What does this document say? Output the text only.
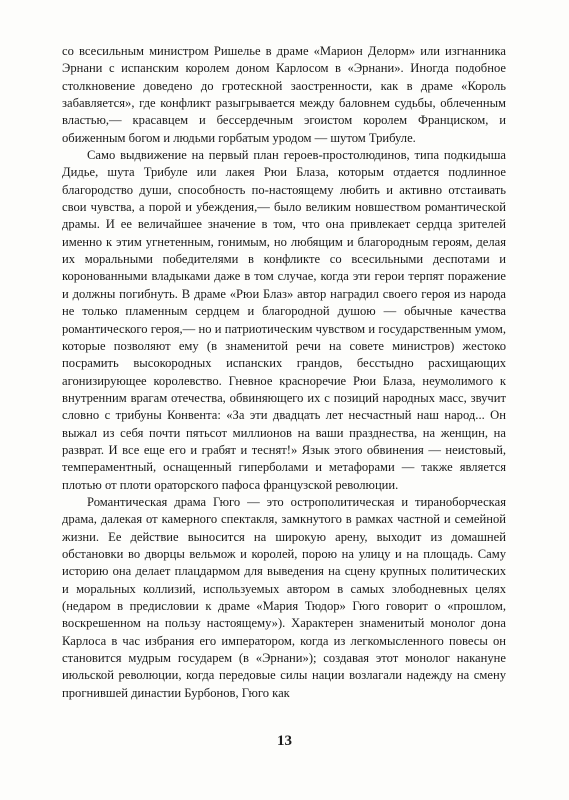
со всесильным министром Ришелье в драме «Марион Делорм» или изгнанника Эрнани с испанским королем доном Карлосом в «Эрнани». Иногда подобное столкновение доведено до гротескной заостренности, как в драме «Король забавляется», где конфликт разыгрывается между баловнем судьбы, облеченным властью,— красавцем и бессердечным эгоистом королем Франциском, и обиженным богом и людьми горбатым уродом — шутом Трибуле.

Само выдвижение на первый план героев-простолюдинов, типа подкидыша Дидье, шута Трибуле или лакея Рюи Блаза, которым отдается подлинное благородство души, способность по-настоящему любить и активно отстаивать свои чувства, а порой и убеждения,— было великим новшеством романтической драмы. И ее величайшее значение в том, что она привлекает сердца зрителей именно к этим угнетенным, гонимым, но любящим и благородным героям, делая их моральными победителями в конфликте со всесильными деспотами и коронованными владыками даже в том случае, когда эти герои терпят поражение и должны погибнуть. В драме «Рюи Блаз» автор наградил своего героя из народа не только пламенным сердцем и благородной душою — обычные качества романтического героя,— но и патриотическим чувством и государственным умом, которые позволяют ему (в знаменитой речи на совете министров) жестоко посрамить высокородных испанских грандов, бесстыдно расхищающих агонизирующее королевство. Гневное красноречие Рюи Блаза, неумолимого к внутренним врагам отечества, обвиняющего их с позиций народных масс, звучит словно с трибуны Конвента: «За эти двадцать лет несчастный наш народ... Он выжал из себя почти пятьсот миллионов на ваши празднества, на женщин, на разврат. И все еще его и грабят и теснят!» Язык этого обвинения — неистовый, темпераментный, оснащенный гиперболами и метафорами — также является плотью от плоти ораторского пафоса французской революции.

Романтическая драма Гюго — это острополитическая и тираноборческая драма, далекая от камерного спектакля, замкнутого в рамках частной и семейной жизни. Ее действие выносится на широкую арену, выходит из домашней обстановки во дворцы вельмож и королей, порою на улицу и на площадь. Саму историю она делает плацдармом для выведения на сцену крупных политических и моральных коллизий, используемых автором в самых злободневных целях (недаром в предисловии к драме «Мария Тюдор» Гюго говорит о «прошлом, воскрешенном на пользу настоящему»). Характерен знаменитый монолог дона Карлоса в час избрания его императором, когда из легкомысленного повесы он становится мудрым государем (в «Эрнани»); создавая этот монолог накануне июльской революции, когда передовые силы нации возлагали надежду на смену прогнившей династии Бурбонов, Гюго как

13
